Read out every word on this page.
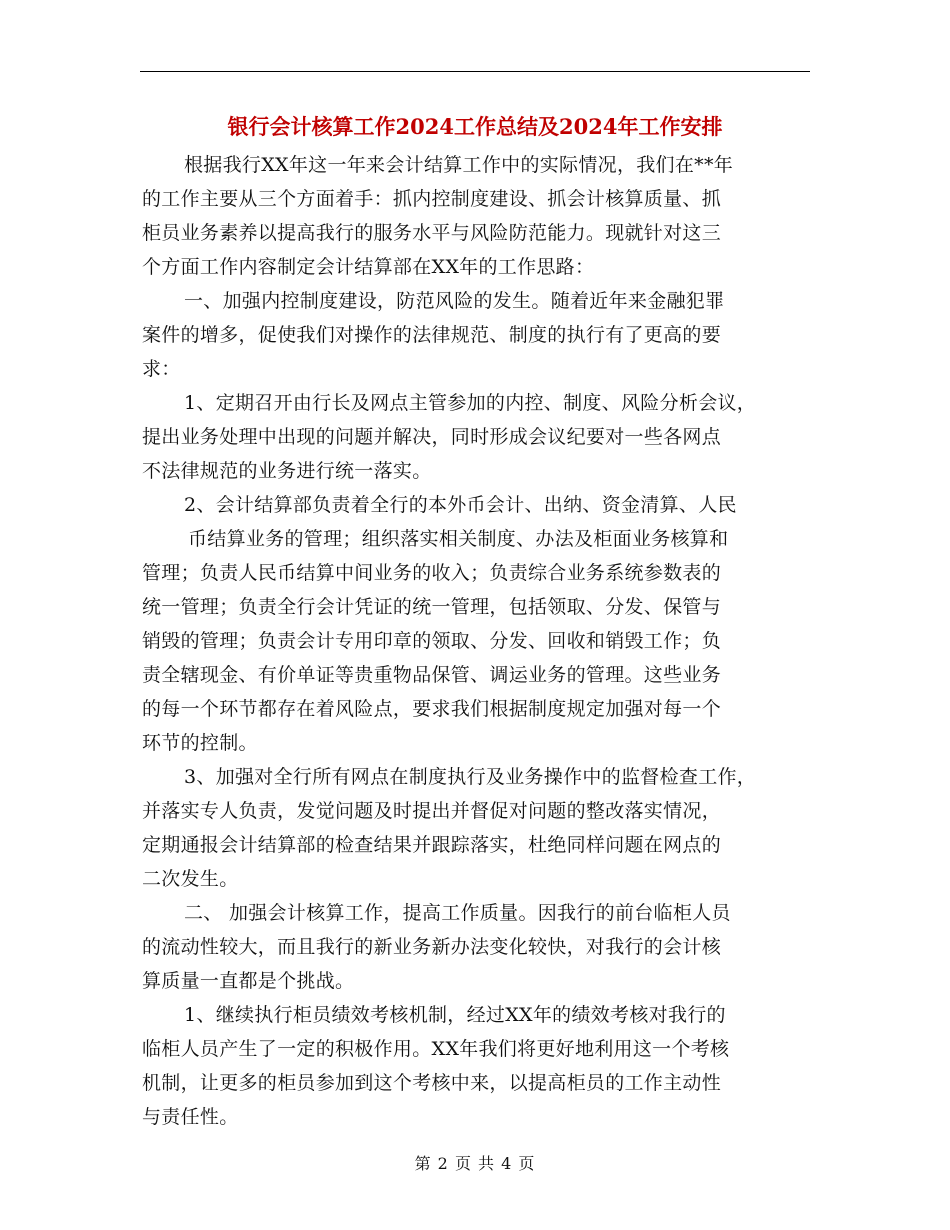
银行会计核算工作2024工作总结及2024年工作安排
根据我行XX年这一年来会计结算工作中的实际情况，我们在**年
的工作主要从三个方面着手：抓内控制度建设、抓会计核算质量、抓
柜员业务素养以提高我行的服务水平与风险防范能力。现就针对这三
个方面工作内容制定会计结算部在XX年的工作思路：
一、加强内控制度建设，防范风险的发生。随着近年来金融犯罪
案件的增多，促使我们对操作的法律规范、制度的执行有了更高的要
求：
1、定期召开由行长及网点主管参加的内控、制度、风险分析会议，
提出业务处理中出现的问题并解决，同时形成会议纪要对一些各网点
不法律规范的业务进行统一落实。
2、会计结算部负责着全行的本外币会计、出纳、资金清算、人民
币结算业务的管理；组织落实相关制度、办法及柜面业务核算和
管理；负责人民币结算中间业务的收入；负责综合业务系统参数表的
统一管理；负责全行会计凭证的统一管理，包括领取、分发、保管与
销毁的管理；负责会计专用印章的领取、分发、回收和销毁工作；负
责全辖现金、有价单证等贵重物品保管、调运业务的管理。这些业务
的每一个环节都存在着风险点，要求我们根据制度规定加强对每一个
环节的控制。
3、加强对全行所有网点在制度执行及业务操作中的监督检查工作，
并落实专人负责，发觉问题及时提出并督促对问题的整改落实情况，
定期通报会计结算部的检查结果并跟踪落实，杜绝同样问题在网点的
二次发生。
二、 加强会计核算工作，提高工作质量。因我行的前台临柜人员
的流动性较大，而且我行的新业务新办法变化较快，对我行的会计核
算质量一直都是个挑战。
1、继续执行柜员绩效考核机制，经过XX年的绩效考核对我行的
临柜人员产生了一定的积极作用。XX年我们将更好地利用这一个考核
机制，让更多的柜员参加到这个考核中来，以提高柜员的工作主动性
与责任性。
第 2 页 共 4 页
